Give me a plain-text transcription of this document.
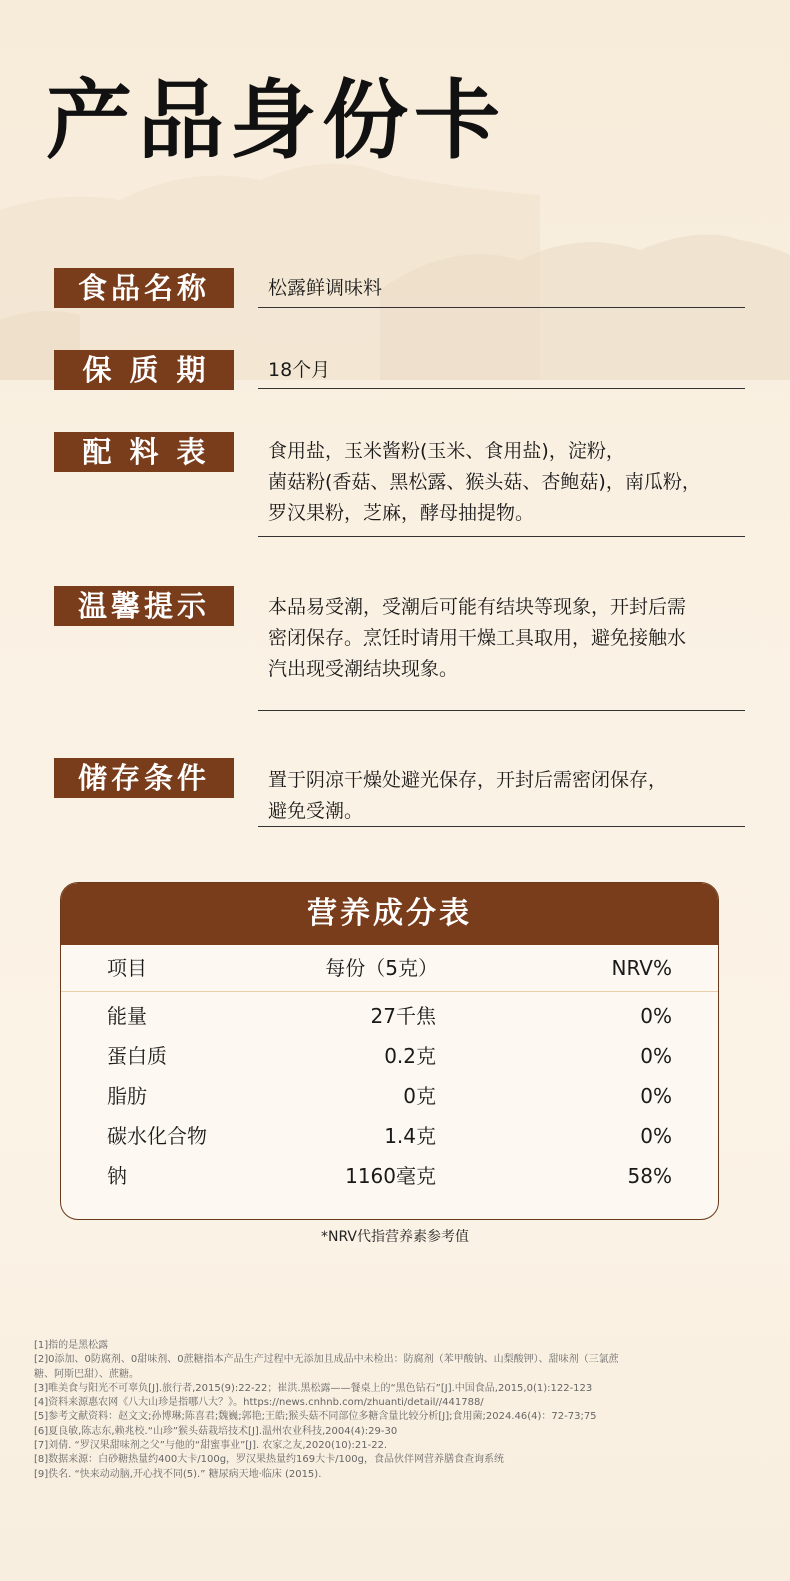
产品身份卡
食品名称	松露鲜调味料
保质期	18个月
配料表	食用盐，玉米酱粉(玉米、食用盐)，淀粉，
菌菇粉(香菇、黑松露、猴头菇、杏鲍菇)，南瓜粉，
罗汉果粉，芝麻，酵母抽提物。
温馨提示	本品易受潮，受潮后可能有结块等现象，开封后需
密闭保存。烹饪时请用干燥工具取用，避免接触水
汽出现受潮结块现象。
储存条件	置于阴凉干燥处避光保存，开封后需密闭保存，
避免受潮。
营养成分表
项目	每份（5克）	NRV%
能量	27千焦	0%
蛋白质	0.2克	0%
脂肪	0克	0%
碳水化合物	1.4克	0%
钠	1160毫克	58%
*NRV代指营养素参考值
[1]指的是黑松露
[2]0添加、0防腐剂、0甜味剂、0蔗糖指本产品生产过程中无添加且成品中未检出：防腐剂（苯甲酸钠、山梨酸钾）、甜味剂（三氯蔗
糖、阿斯巴甜）、蔗糖。
[3]唯美食与阳光不可辜负[J].旅行者,2015(9):22-22；崔洪.黑松露——餐桌上的“黑色钻石”[J].中国食品,2015,0(1):122-123
[4]资料来源惠农网《八大山珍是指哪八大？》。https://news.cnhnb.com/zhuanti/detail//441788/
[5]参考文献资料：赵文文;孙博琳;陈喜君;魏巍;郭艳;王皓;猴头菇不同部位多糖含量比较分析[J];食用菌;2024.46(4)：72-73;75
[6]夏良敏,陈志东,赖兆校.“山珍”猴头菇栽培技术[J].温州农业科技,2004(4):29-30
[7]刘倩. “罗汉果甜味剂之父”与他的“甜蜜事业”[J]. 农家之友,2020(10):21-22.
[8]数据来源：白砂糖热量约400大卡/100g，罗汉果热量约169大卡/100g，食品伙伴网营养膳食查询系统
[9]佚名. “快来动动脑,开心找不同(5).” 糖尿病天地·临床 (2015).
